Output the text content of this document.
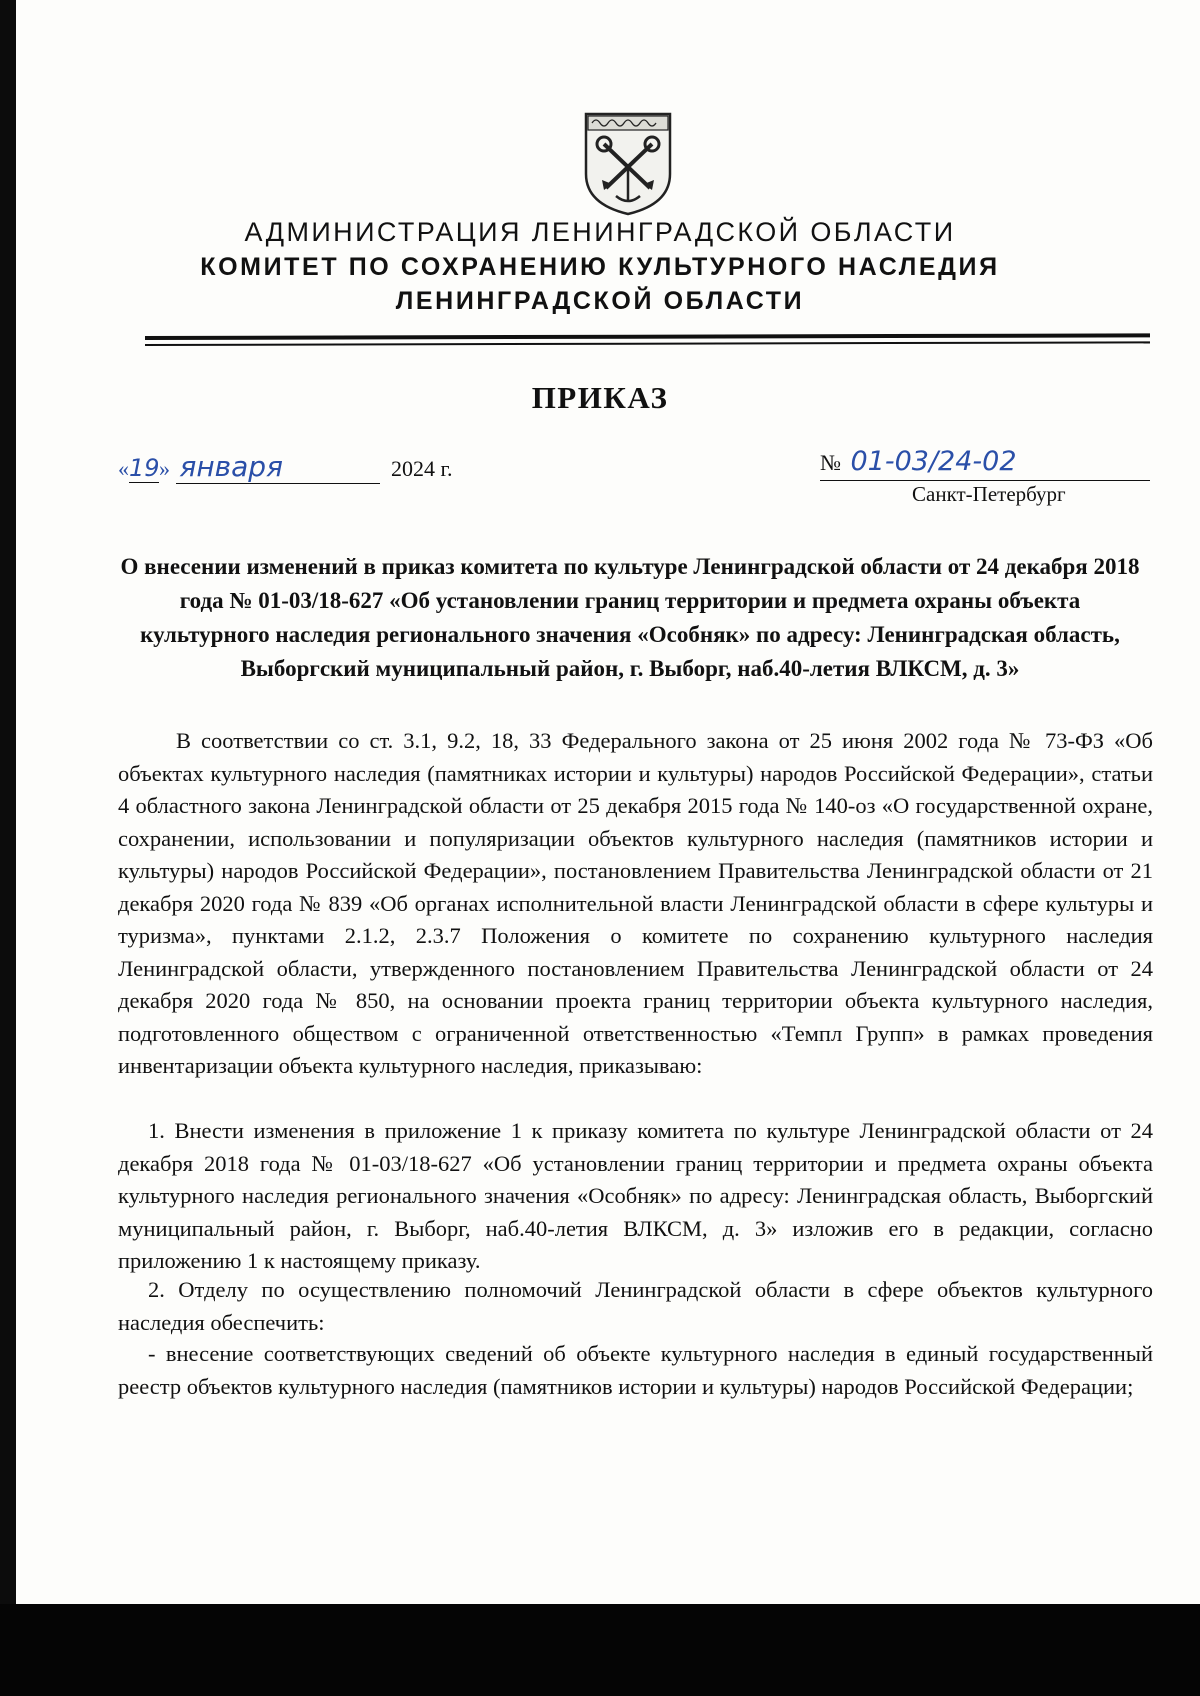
АДМИНИСТРАЦИЯ ЛЕНИНГРАДСКОЙ ОБЛАСТИ
КОМИТЕТ ПО СОХРАНЕНИЮ КУЛЬТУРНОГО НАСЛЕДИЯ
ЛЕНИНГРАДСКОЙ ОБЛАСТИ
ПРИКАЗ
«19» января	2024 г.	№ 01-03/24-02
Санкт-Петербург
О внесении изменений в приказ комитета по культуре Ленинградской области от 24 декабря 2018 года № 01-03/18-627 «Об установлении границ территории и предмета охраны объекта культурного наследия регионального значения «Особняк» по адресу: Ленинградская область, Выборгский муниципальный район, г. Выборг, наб.40-летия ВЛКСМ, д. 3»
В соответствии со ст. 3.1, 9.2, 18, 33 Федерального закона от 25 июня 2002 года № 73-ФЗ «Об объектах культурного наследия (памятниках истории и культуры) народов Российской Федерации», статьи 4 областного закона Ленинградской области от 25 декабря 2015 года № 140-оз «О государственной охране, сохранении, использовании и популяризации объектов культурного наследия (памятников истории и культуры) народов Российской Федерации», постановлением Правительства Ленинградской области от 21 декабря 2020 года № 839 «Об органах исполнительной власти Ленинградской области в сфере культуры и туризма», пунктами 2.1.2, 2.3.7 Положения о комитете по сохранению культурного наследия Ленинградской области, утвержденного постановлением Правительства Ленинградской области от 24 декабря 2020 года № 850, на основании проекта границ территории объекта культурного наследия, подготовленного обществом с ограниченной ответственностью «Темпл Групп» в рамках проведения инвентаризации объекта культурного наследия, приказываю:
1. Внести изменения в приложение 1 к приказу комитета по культуре Ленинградской области от 24 декабря 2018 года № 01-03/18-627 «Об установлении границ территории и предмета охраны объекта культурного наследия регионального значения «Особняк» по адресу: Ленинградская область, Выборгский муниципальный район, г. Выборг, наб.40-летия ВЛКСМ, д. 3» изложив его в редакции, согласно приложению 1 к настоящему приказу.
2. Отделу по осуществлению полномочий Ленинградской области в сфере объектов культурного наследия обеспечить:
- внесение соответствующих сведений об объекте культурного наследия в единый государственный реестр объектов культурного наследия (памятников истории и культуры) народов Российской Федерации;
